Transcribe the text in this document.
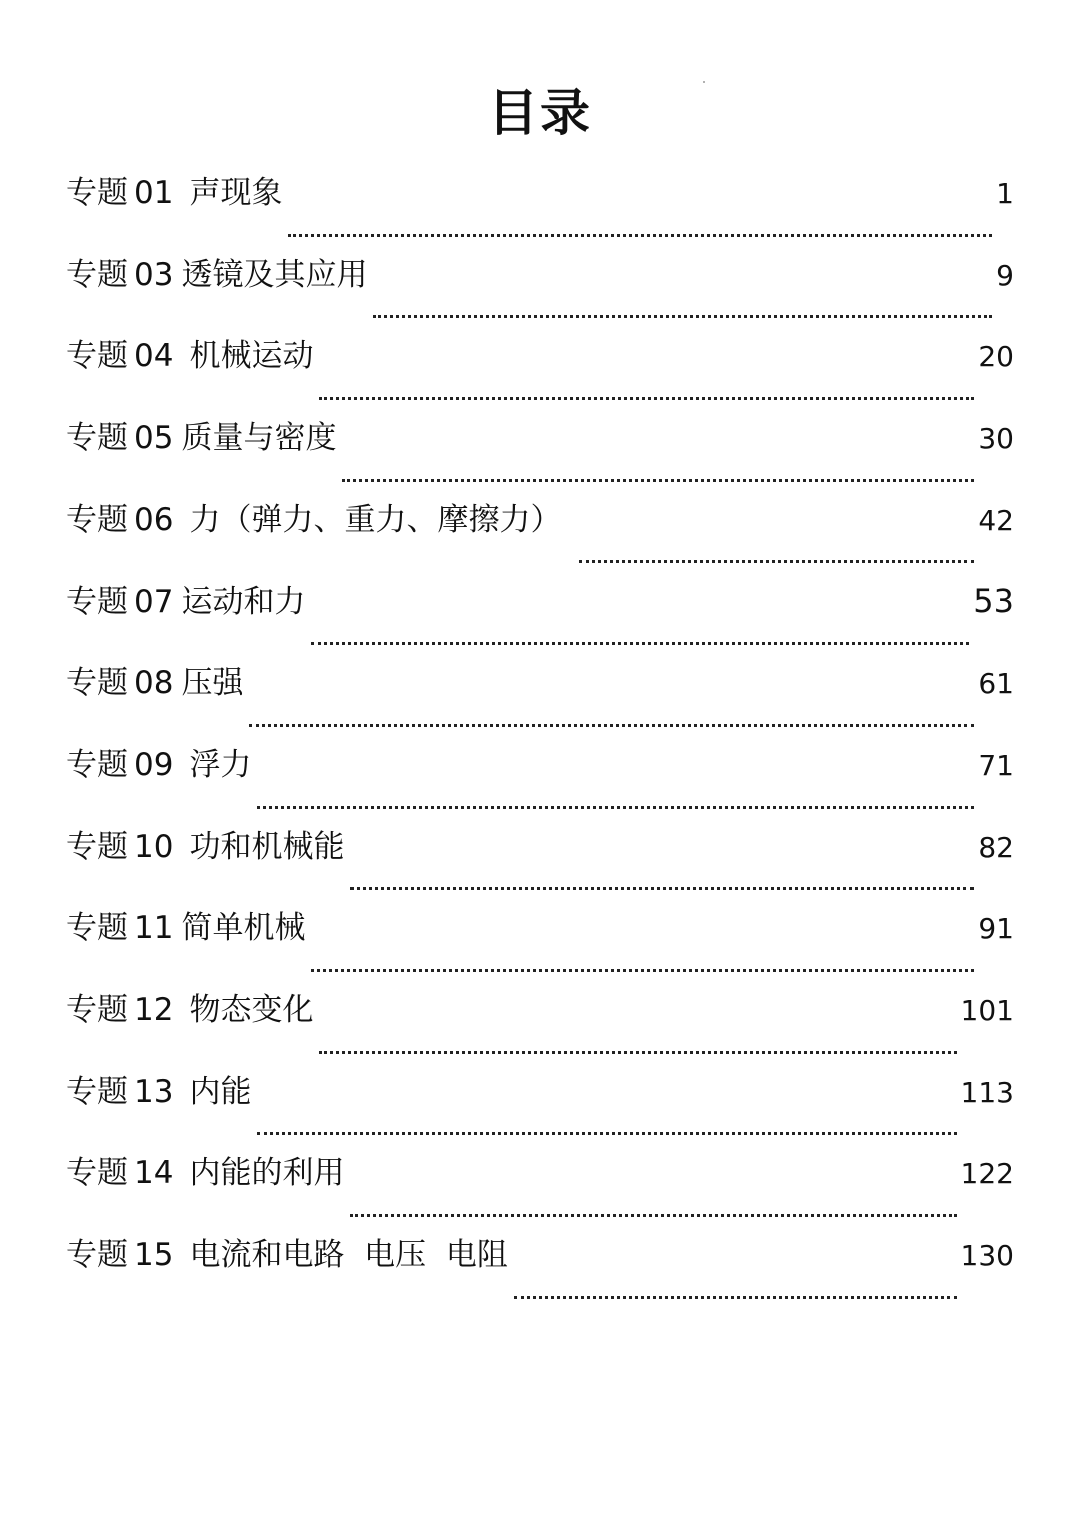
目录
专题 01 声现象	1
专题 03 透镜及其应用	9
专题 04 机械运动	20
专题 05 质量与密度	30
专题 06 力（弹力、重力、摩擦力）	42
专题 07 运动和力	53
专题 08 压强	61
专题 09 浮力	71
专题 10 功和机械能	82
专题 11 简单机械	91
专题 12 物态变化	101
专题 13 内能	113
专题 14 内能的利用	122
专题 15 电流和电路  电压  电阻	130
